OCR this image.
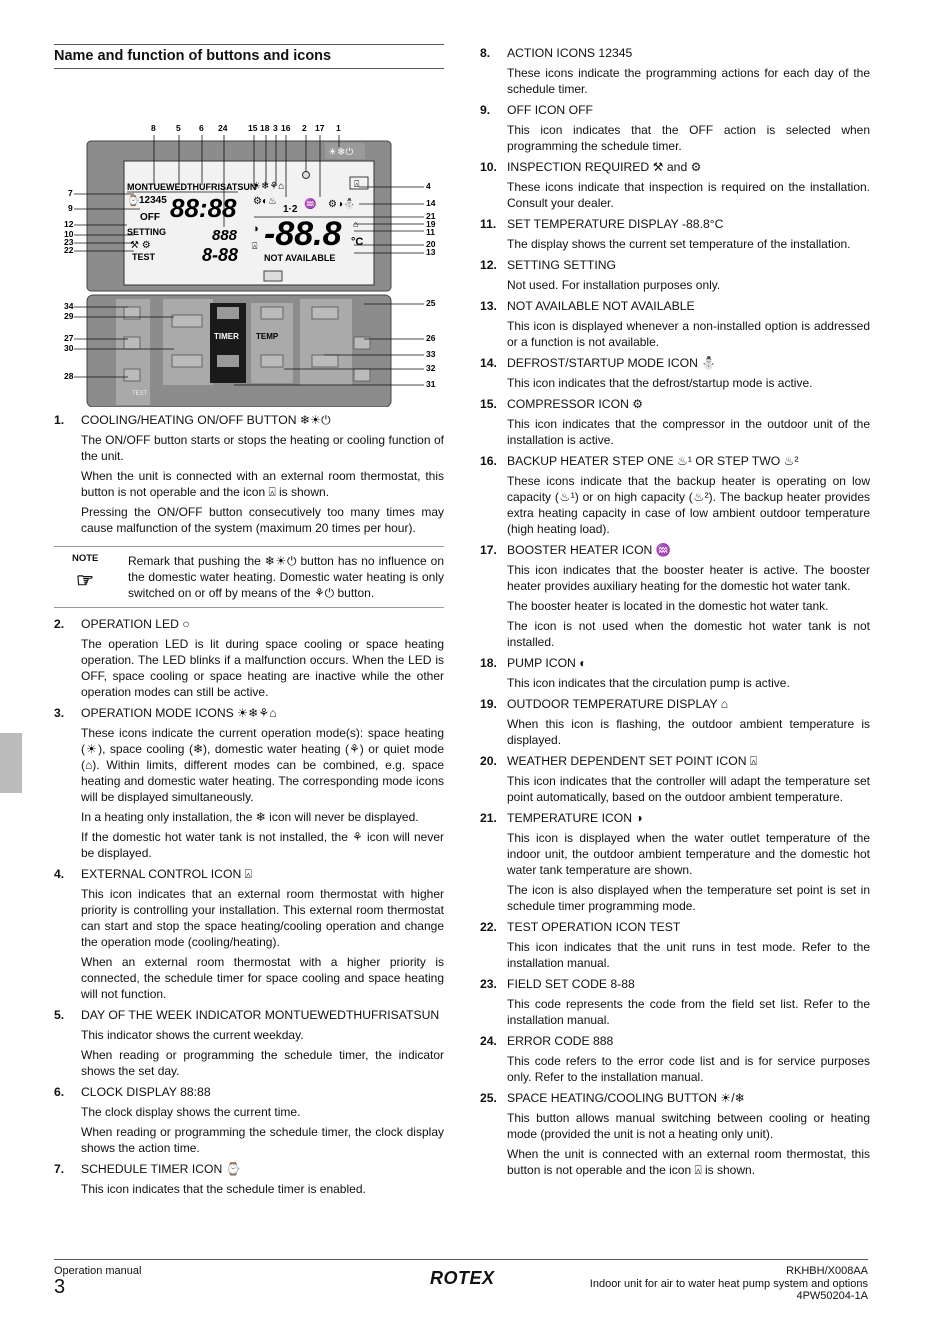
Name and function of buttons and icons
☀❄⏻
MONTUEWEDTHUFRISATSUN
⌚ 12345 88:88
OFF
SETTING	888
⚒ ⚙
TEST	8-88
☀❄⚘⌂
⚙◐♨
1·2 ♒ ⚙◑⛄
⍓
◑
⍓ -88.8 °C
⌂
NOT AVAILABLE
TEST
TIMER TEMP
8 5 6 24 15 18 3 16 2 17 1
7
9
12
10
23
22
34
29
27
30
28
4
14
21
19
11
20
13
25
26
33
32
31
1.	COOLING/HEATING ON/OFF BUTTON ❄☀⏻
The ON/OFF button starts or stops the heating or cooling function of the unit.
When the unit is connected with an external room thermostat, this button is not operable and the icon ⍓ is shown.
Pressing the ON/OFF button consecutively too many times may cause malfunction of the system (maximum 20 times per hour).
NOTE
☞
Remark that pushing the ❄☀⏻ button has no influence on the domestic water heating. Domestic water heating is only switched on or off by means of the ⚘⏻ button.
2.	OPERATION LED ○
The operation LED is lit during space cooling or space heating operation. The LED blinks if a malfunction occurs. When the LED is OFF, space cooling or space heating are inactive while the other operation modes can still be active.
3.	OPERATION MODE ICONS ☀❄⚘⌂
These icons indicate the current operation mode(s): space heating (☀), space cooling (❄), domestic water heating (⚘) or quiet mode (⌂). Within limits, different modes can be combined, e.g. space heating and domestic water heating. The corresponding mode icons will be displayed simultaneously.
In a heating only installation, the ❄ icon will never be displayed.
If the domestic hot water tank is not installed, the ⚘ icon will never be displayed.
4.	EXTERNAL CONTROL ICON ⍓
This icon indicates that an external room thermostat with higher priority is controlling your installation. This external room thermostat can start and stop the space heating/cooling operation and change the operation mode (cooling/heating).
When an external room thermostat with a higher priority is connected, the schedule timer for space cooling and space heating will not function.
5.	DAY OF THE WEEK INDICATOR MONTUEWEDTHUFRISATSUN
This indicator shows the current weekday.
When reading or programming the schedule timer, the indicator shows the set day.
6.	CLOCK DISPLAY 88:88
The clock display shows the current time.
When reading or programming the schedule timer, the clock display shows the action time.
7.	SCHEDULE TIMER ICON ⌚
This icon indicates that the schedule timer is enabled.
8.	ACTION ICONS 12345
These icons indicate the programming actions for each day of the schedule timer.
9.	OFF ICON OFF
This icon indicates that the OFF action is selected when programming the schedule timer.
10. INSPECTION REQUIRED ⚒ and ⚙
These icons indicate that inspection is required on the installation. Consult your dealer.
11. SET TEMPERATURE DISPLAY -88.8°C
The display shows the current set temperature of the installation.
12. SETTING SETTING
Not used. For installation purposes only.
13. NOT AVAILABLE NOT AVAILABLE
This icon is displayed whenever a non-installed option is addressed or a function is not available.
14. DEFROST/STARTUP MODE ICON ⛄
This icon indicates that the defrost/startup mode is active.
15. COMPRESSOR ICON ⚙
This icon indicates that the compressor in the outdoor unit of the installation is active.
16. BACKUP HEATER STEP ONE ♨¹ OR STEP TWO ♨²
These icons indicate that the backup heater is operating on low capacity (♨¹) or on high capacity (♨²). The backup heater provides extra heating capacity in case of low ambient outdoor temperature (high heating load).
17. BOOSTER HEATER ICON ♒
This icon indicates that the booster heater is active. The booster heater provides auxiliary heating for the domestic hot water tank.
The booster heater is located in the domestic hot water tank.
The icon is not used when the domestic hot water tank is not installed.
18. PUMP ICON ◐
This icon indicates that the circulation pump is active.
19. OUTDOOR TEMPERATURE DISPLAY ⌂
When this icon is flashing, the outdoor ambient temperature is displayed.
20. WEATHER DEPENDENT SET POINT ICON ⍓
This icon indicates that the controller will adapt the temperature set point automatically, based on the outdoor ambient temperature.
21. TEMPERATURE ICON ◑
This icon is displayed when the water outlet temperature of the indoor unit, the outdoor ambient temperature and the domestic hot water tank temperature are shown.
The icon is also displayed when the temperature set point is set in schedule timer programming mode.
22. TEST OPERATION ICON TEST
This icon indicates that the unit runs in test mode. Refer to the installation manual.
23. FIELD SET CODE 8-88
This code represents the code from the field set list. Refer to the installation manual.
24. ERROR CODE 888
This code refers to the error code list and is for service purposes only. Refer to the installation manual.
25. SPACE HEATING/COOLING BUTTON ☀/❄
This button allows manual switching between cooling or heating mode (provided the unit is not a heating only unit).
When the unit is connected with an external room thermostat, this button is not operable and the icon ⍓ is shown.
Operation manual
3	ROTEX	RKHBH/X008AA
Indoor unit for air to water heat pump system and options
4PW50204-1A
